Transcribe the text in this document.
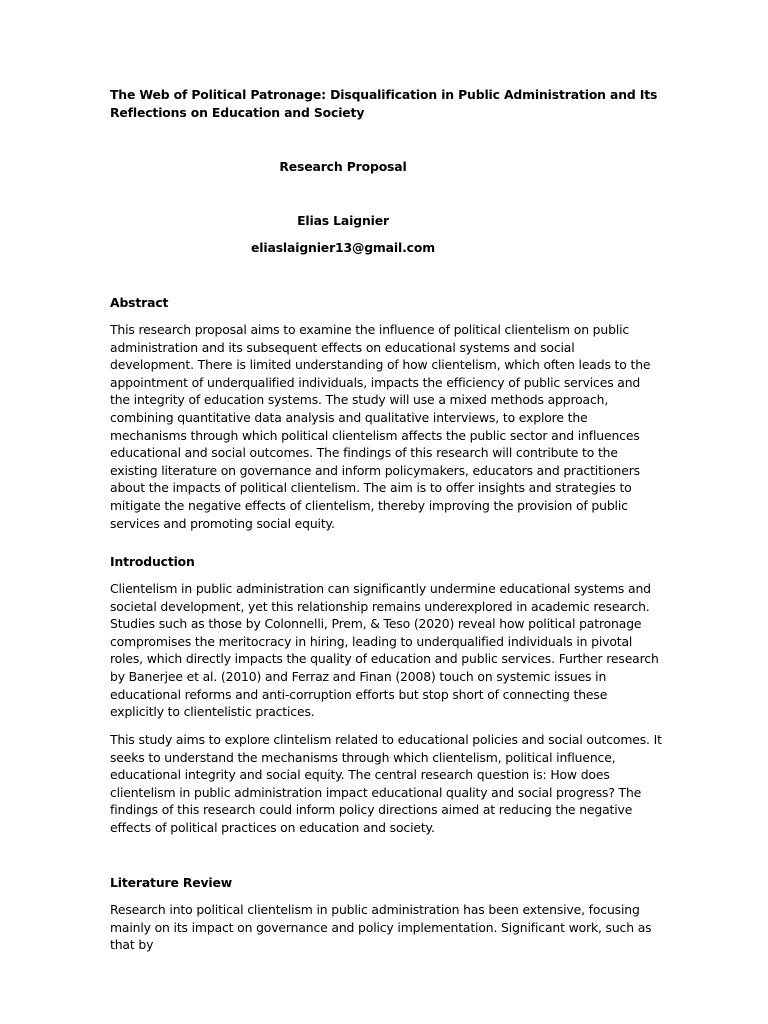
The Web of Political Patronage: Disqualification in Public Administration and Its Reflections on Education and Society

Research Proposal

Elias Laignier

eliaslaignier13@gmail.com

Abstract

This research proposal aims to examine the influence of political clientelism on public administration and its subsequent effects on educational systems and social development. There is limited understanding of how clientelism, which often leads to the appointment of underqualified individuals, impacts the efficiency of public services and the integrity of education systems. The study will use a mixed methods approach, combining quantitative data analysis and qualitative interviews, to explore the mechanisms through which political clientelism affects the public sector and influences educational and social outcomes. The findings of this research will contribute to the existing literature on governance and inform policymakers, educators and practitioners about the impacts of political clientelism. The aim is to offer insights and strategies to mitigate the negative effects of clientelism, thereby improving the provision of public services and promoting social equity.

Introduction

Clientelism in public administration can significantly undermine educational systems and societal development, yet this relationship remains underexplored in academic research. Studies such as those by Colonnelli, Prem, & Teso (2020) reveal how political patronage compromises the meritocracy in hiring, leading to underqualified individuals in pivotal roles, which directly impacts the quality of education and public services. Further research by Banerjee et al. (2010) and Ferraz and Finan (2008) touch on systemic issues in educational reforms and anti-corruption efforts but stop short of connecting these explicitly to clientelistic practices.

This study aims to explore clintelism related to educational policies and social outcomes. It seeks to understand the mechanisms through which clientelism, political influence, educational integrity and social equity. The central research question is: How does clientelism in public administration impact educational quality and social progress? The findings of this research could inform policy directions aimed at reducing the negative effects of political practices on education and society.

Literature Review

Research into political clientelism in public administration has been extensive, focusing mainly on its impact on governance and policy implementation. Significant work, such as that by
